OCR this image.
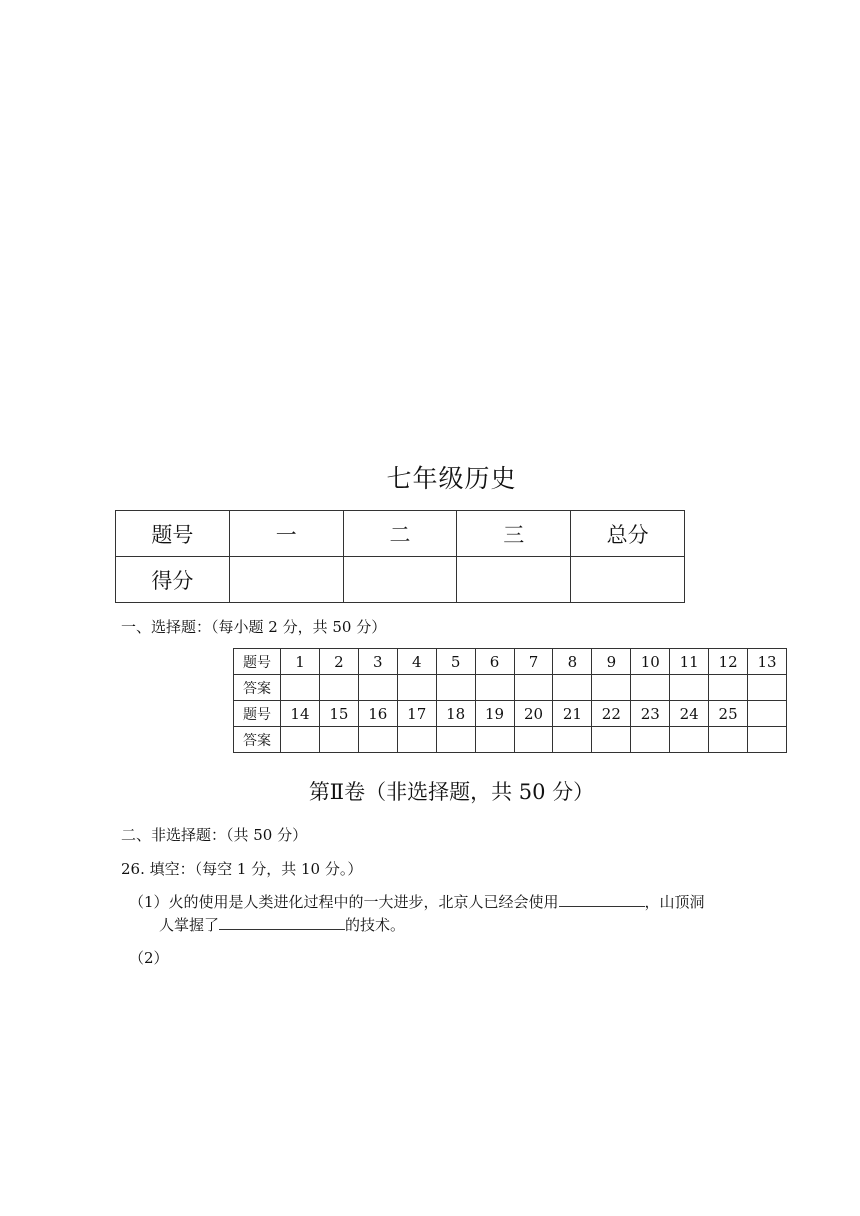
七年级历史
题号	一	二	三	总分
得分				
一、选择题：（每小题 2 分，共 50 分）
题号	1	2	3	4	5	6	7	8	9	10	11	12	13
答案													
题号	14	15	16	17	18	19	20	21	22	23	24	25	
答案													
第Ⅱ卷（非选择题，共 50 分）
二、非选择题：（共 50 分）
26. 填空：（每空 1 分，共 10 分。）
（1）火的使用是人类进化过程中的一大进步，北京人已经会使用	，山顶洞
人掌握了	的技术。
（2）
